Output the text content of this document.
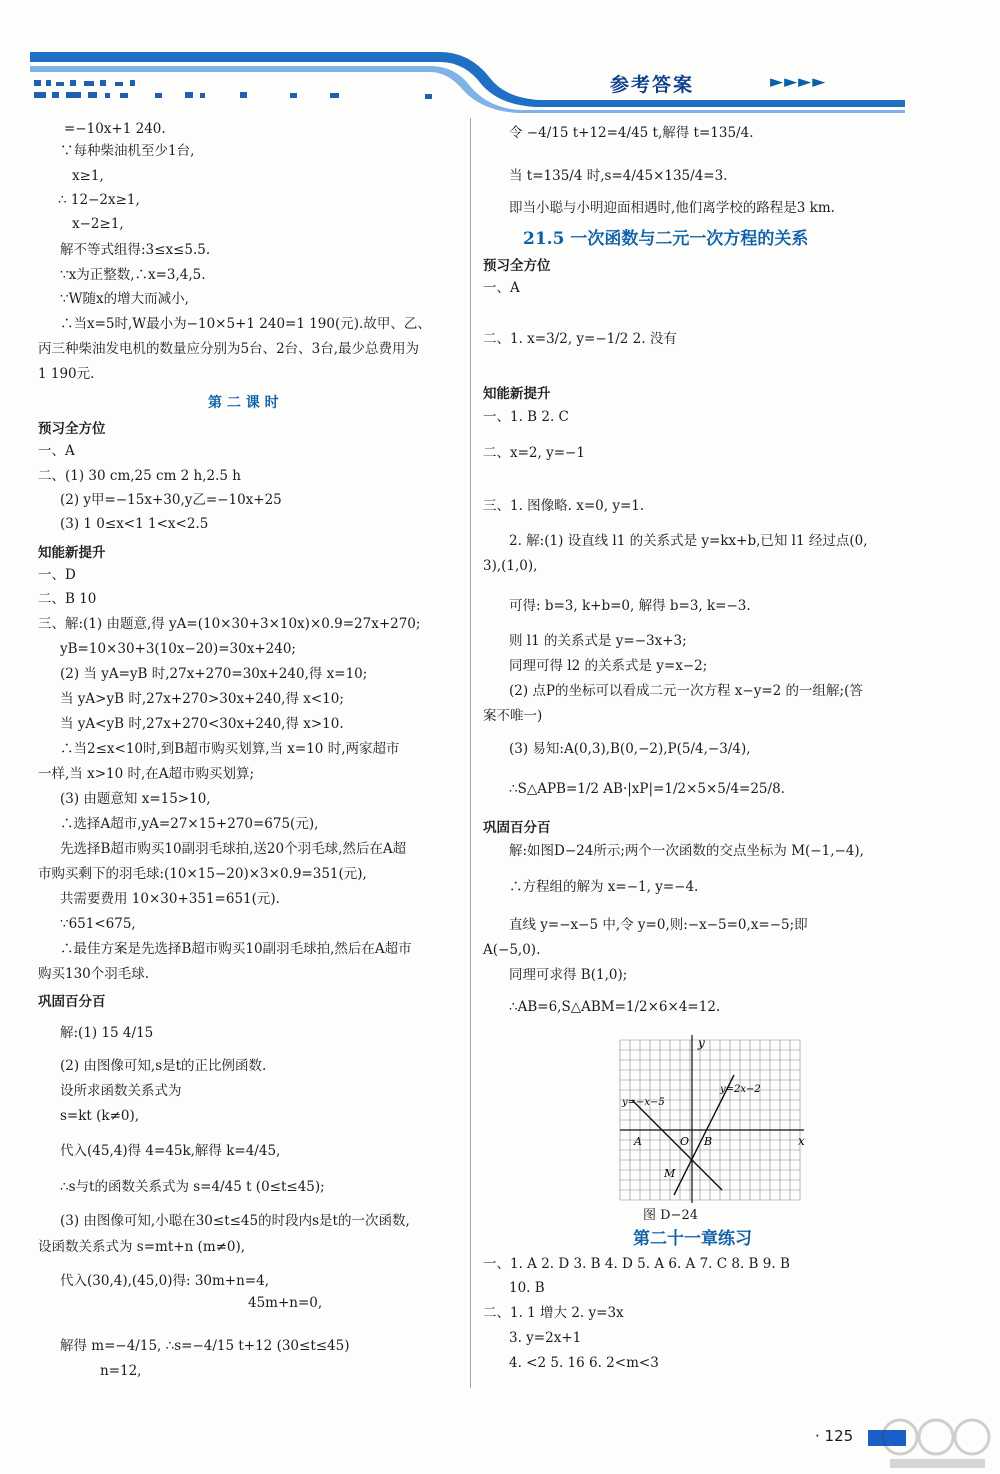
参考答案	►►►►
=−10x+1 240.
∵每种柴油机至少1台,
x≥1,
∴ 12−2x≥1,
x−2≥1,
解不等式组得:3≤x≤5.5.
∵x为正整数,∴x=3,4,5.
∵W随x的增大而减小,
∴当x=5时,W最小为−10×5+1 240=1 190(元).故甲、乙、
丙三种柴油发电机的数量应分别为5台、2台、3台,最少总费用为
1 190元.
第 二 课 时
预习全方位
一、A
二、(1) 30 cm,25 cm 2 h,2.5 h
(2) y甲=−15x+30,y乙=−10x+25
(3) 1 0≤x<1 1<x<2.5
知能新提升
一、D
二、B 10
三、解:(1) 由题意,得 yA=(10×30+3×10x)×0.9=27x+270;
yB=10×30+3(10x−20)=30x+240;
(2) 当 yA=yB 时,27x+270=30x+240,得 x=10;
当 yA>yB 时,27x+270>30x+240,得 x<10;
当 yA<yB 时,27x+270<30x+240,得 x>10.
∴当2≤x<10时,到B超市购买划算,当 x=10 时,两家超市
一样,当 x>10 时,在A超市购买划算;
(3) 由题意知 x=15>10,
∴选择A超市,yA=27×15+270=675(元),
先选择B超市购买10副羽毛球拍,送20个羽毛球,然后在A超
市购买剩下的羽毛球:(10×15−20)×3×0.9=351(元),
共需要费用 10×30+351=651(元).
∵651<675,
∴最佳方案是先选择B超市购买10副羽毛球拍,然后在A超市
购买130个羽毛球.
巩固百分百
解:(1) 15 4/15
(2) 由图像可知,s是t的正比例函数.
设所求函数关系式为
s=kt (k≠0),
代入(45,4)得 4=45k,解得 k=4/45,
∴s与t的函数关系式为 s=4/45 t (0≤t≤45);
(3) 由图像可知,小聪在30≤t≤45的时段内s是t的一次函数,
设函数关系式为 s=mt+n (m≠0),
代入(30,4),(45,0)得: 30m+n=4,
45m+n=0,
解得 m=−4/15, ∴s=−4/15 t+12 (30≤t≤45)
n=12,
令 −4/15 t+12=4/45 t,解得 t=135/4.
当 t=135/4 时,s=4/45×135/4=3.
即当小聪与小明迎面相遇时,他们离学校的路程是3 km.
21.5 一次函数与二元一次方程的关系
预习全方位
一、A
二、1. x=3/2, y=−1/2 2. 没有
知能新提升
一、1. B 2. C
二、x=2, y=−1
三、1. 图像略. x=0, y=1.
2. 解:(1) 设直线 l1 的关系式是 y=kx+b,已知 l1 经过点(0,
3),(1,0),
可得: b=3, k+b=0, 解得 b=3, k=−3.
则 l1 的关系式是 y=−3x+3;
同理可得 l2 的关系式是 y=x−2;
(2) 点P的坐标可以看成二元一次方程 x−y=2 的一组解;(答
案不唯一)
(3) 易知:A(0,3),B(0,−2),P(5/4,−3/4),
∴S△APB=1/2 AB·|xP|=1/2×5×5/4=25/8.
巩固百分百
解:如图D−24所示;两个一次函数的交点坐标为 M(−1,−4),
∴方程组的解为 x=−1, y=−4.
直线 y=−x−5 中,令 y=0,则:−x−5=0,x=−5;即
A(−5,0).
同理可求得 B(1,0);
∴AB=6,S△ABM=1/2×6×4=12.
图 D−24
第二十一章练习
一、1. A 2. D 3. B 4. D 5. A 6. A 7. C 8. B 9. B
10. B
二、1. 1 增大 2. y=3x
3. y=2x+1
4. <2 5. 16 6. 2<m<3
y
x
O
A	B
M
y=2x−2
y=−x−5
· 125
